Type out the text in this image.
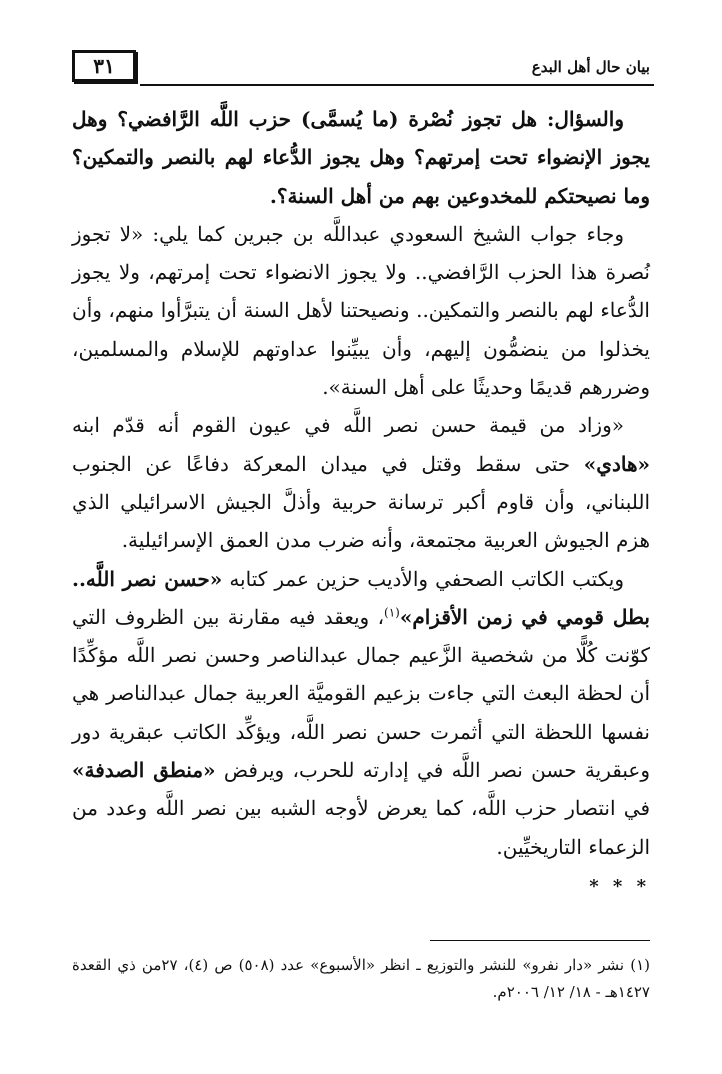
بيان حال أهل البدع
٣١

والسؤال: هل تجوز نُصْرة (ما يُسمَّى) حزب اللَّه الرَّافضي؟ وهل يجوز الإنضواء تحت إمرتهم؟ وهل يجوز الدُّعاء لهم بالنصر والتمكين؟ وما نصيحتكم للمخدوعين بهم من أهل السنة؟.

وجاء جواب الشيخ السعودي عبداللَّه بن جبرين كما يلي: «لا تجوز نُصرة هذا الحزب الرَّافضي.. ولا يجوز الانضواء تحت إمرتهم، ولا يجوز الدُّعاء لهم بالنصر والتمكين.. ونصيحتنا لأهل السنة أن يتبرَّأوا منهم، وأن يخذلوا من ينضمُّون إليهم، وأن يبيِّنوا عداوتهم للإسلام والمسلمين، وضررهم قديمًا وحديثًا على أهل السنة».

«وزاد من قيمة حسن نصر اللَّه في عيون القوم أنه قدّم ابنه «هادي» حتى سقط وقتل في ميدان المعركة دفاعًا عن الجنوب اللبناني، وأن قاوم أكبر ترسانة حربية وأذلَّ الجيش الاسرائيلي الذي هزم الجيوش العربية مجتمعة، وأنه ضرب مدن العمق الإسرائيلية.

ويكتب الكاتب الصحفي والأديب حزين عمر كتابه «حسن نصر اللَّه.. بطل قومي في زمن الأقزام»$^{(١)}$، ويعقد فيه مقارنة بين الظروف التي كوّنت كُلًّا من شخصية الزَّعيم جمال عبدالناصر وحسن نصر اللَّه مؤكِّدًا أن لحظة البعث التي جاءت بزعيم القوميَّة العربية جمال عبدالناصر هي نفسها اللحظة التي أثمرت حسن نصر اللَّه، ويؤكِّد الكاتب عبقرية دور وعبقرية حسن نصر اللَّه في إدارته للحرب، ويرفض «منطق الصدفة» في انتصار حزب اللَّه، كما يعرض لأوجه الشبه بين نصر اللَّه وعدد من الزعماء التاريخيِّين.

* * *
(١) نشر «دار نفرو» للنشر والتوزيع ـ انظر «الأسبوع» عدد (٥٠٨) ص (٤)، ٢٧من ذي القعدة ١٤٢٧هـ - ١٨/ ١٢/ ٢٠٠٦م.
